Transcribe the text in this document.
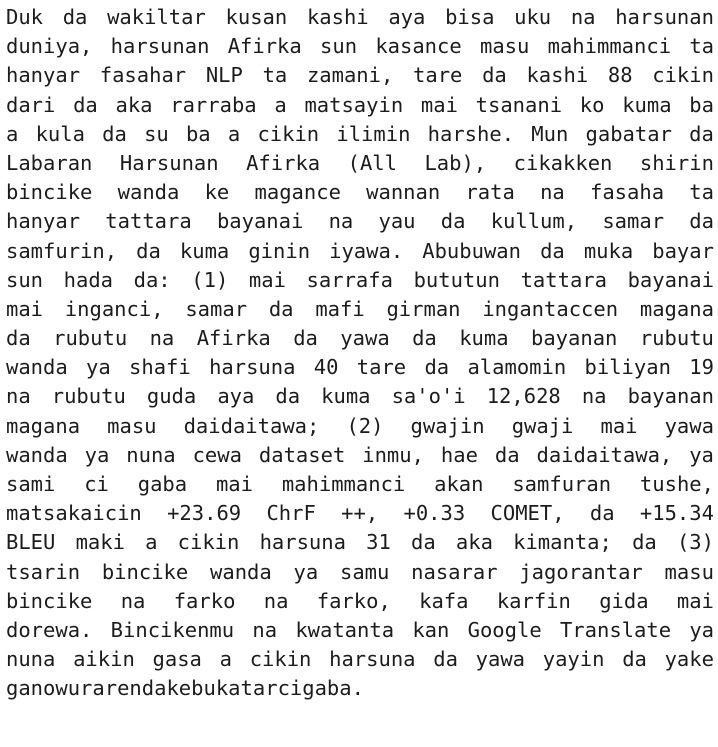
Duk da wakiltar kusan kashi aya bisa uku na harsunan
duniya, harsunan Afirka sun kasance masu mahimmanci ta
hanyar fasahar NLP ta zamani, tare da kashi 88 cikin
dari da aka rarraba a matsayin mai tsanani ko kuma ba
a kula da su ba a cikin ilimin harshe. Mun gabatar da
Labaran Harsunan Afirka (All Lab), cikakken shirin
bincike wanda ke magance wannan rata na fasaha ta
hanyar tattara bayanai na yau da kullum, samar da
samfurin, da kuma ginin iyawa. Abubuwan da muka bayar
sun hada da: (1) mai sarrafa bututun tattara bayanai
mai inganci, samar da mafi girman ingantaccen magana
da rubutu na Afirka da yawa da kuma bayanan rubutu
wanda ya shafi harsuna 40 tare da alamomin biliyan 19
na rubutu guda aya da kuma sa'o'i 12,628 na bayanan
magana masu daidaitawa; (2) gwajin gwaji mai yawa
wanda ya nuna cewa dataset inmu, hae da daidaitawa, ya
sami ci gaba mai mahimmanci akan samfuran tushe,
matsakaicin +23.69 ChrF ++, +0.33 COMET, da +15.34
BLEU maki a cikin harsuna 31 da aka kimanta; da (3)
tsarin bincike wanda ya samu nasarar jagorantar masu
bincike na farko na farko, kafa karfin gida mai
dorewa. Bincikenmu na kwatanta kan Google Translate ya
nuna aikin gasa a cikin harsuna da yawa yayin da yake
gano wuraren da ke bukatar ci gaba.
